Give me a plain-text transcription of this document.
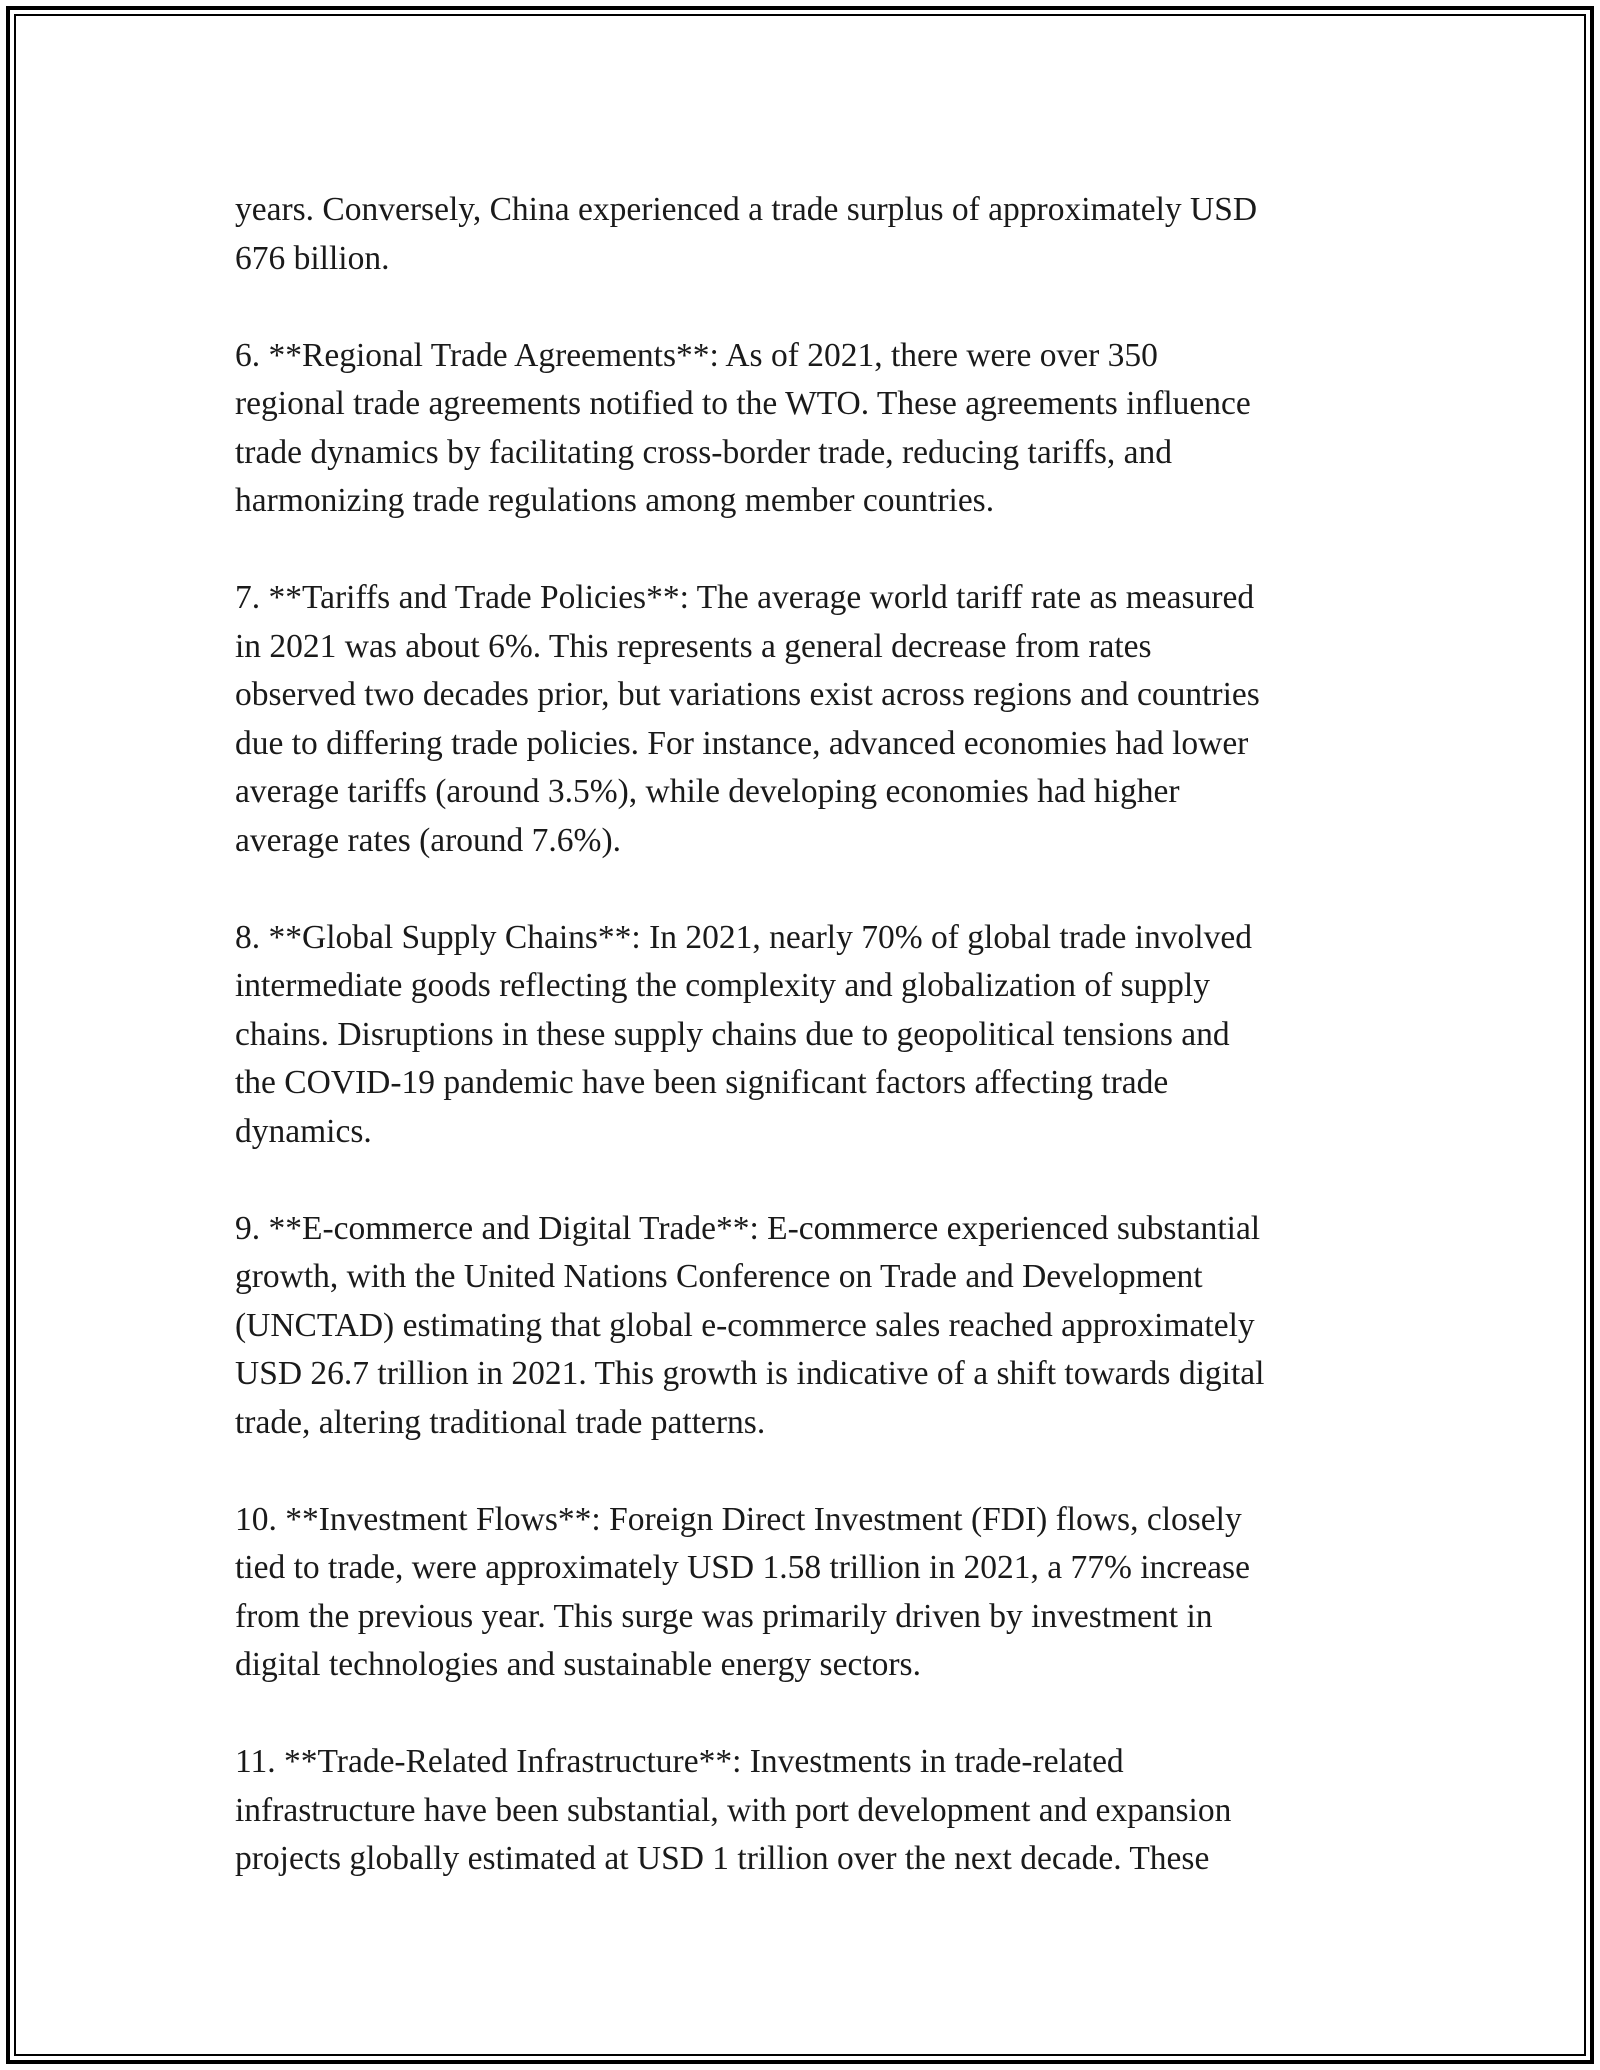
years. Conversely, China experienced a trade surplus of approximately USD
676 billion.

6. **Regional Trade Agreements**: As of 2021, there were over 350
regional trade agreements notified to the WTO. These agreements influence
trade dynamics by facilitating cross-border trade, reducing tariffs, and
harmonizing trade regulations among member countries.

7. **Tariffs and Trade Policies**: The average world tariff rate as measured
in 2021 was about 6%. This represents a general decrease from rates
observed two decades prior, but variations exist across regions and countries
due to differing trade policies. For instance, advanced economies had lower
average tariffs (around 3.5%), while developing economies had higher
average rates (around 7.6%).

8. **Global Supply Chains**: In 2021, nearly 70% of global trade involved
intermediate goods reflecting the complexity and globalization of supply
chains. Disruptions in these supply chains due to geopolitical tensions and
the COVID-19 pandemic have been significant factors affecting trade
dynamics.

9. **E-commerce and Digital Trade**: E-commerce experienced substantial
growth, with the United Nations Conference on Trade and Development
(UNCTAD) estimating that global e-commerce sales reached approximately
USD 26.7 trillion in 2021. This growth is indicative of a shift towards digital
trade, altering traditional trade patterns.

10. **Investment Flows**: Foreign Direct Investment (FDI) flows, closely
tied to trade, were approximately USD 1.58 trillion in 2021, a 77% increase
from the previous year. This surge was primarily driven by investment in
digital technologies and sustainable energy sectors.

11. **Trade-Related Infrastructure**: Investments in trade-related
infrastructure have been substantial, with port development and expansion
projects globally estimated at USD 1 trillion over the next decade. These
